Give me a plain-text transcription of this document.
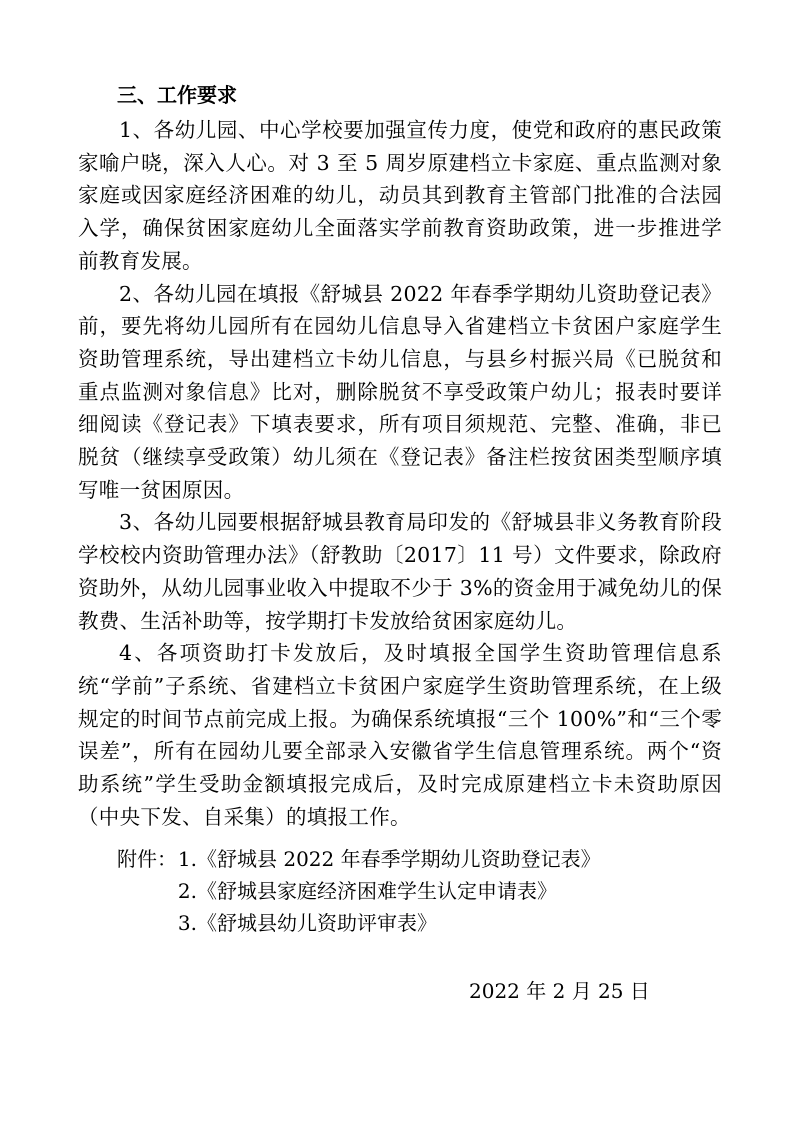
三、工作要求

1、各幼儿园、中心学校要加强宣传力度，使党和政府的惠民政策家喻户晓，深入人心。对 3 至 5 周岁原建档立卡家庭、重点监测对象家庭或因家庭经济困难的幼儿，动员其到教育主管部门批准的合法园入学，确保贫困家庭幼儿全面落实学前教育资助政策，进一步推进学前教育发展。

2、各幼儿园在填报《舒城县 2022 年春季学期幼儿资助登记表》前，要先将幼儿园所有在园幼儿信息导入省建档立卡贫困户家庭学生资助管理系统，导出建档立卡幼儿信息，与县乡村振兴局《已脱贫和重点监测对象信息》比对，删除脱贫不享受政策户幼儿；报表时要详细阅读《登记表》下填表要求，所有项目须规范、完整、准确，非已脱贫（继续享受政策）幼儿须在《登记表》备注栏按贫困类型顺序填写唯一贫困原因。

3、各幼儿园要根据舒城县教育局印发的《舒城县非义务教育阶段学校校内资助管理办法》（舒教助〔2017〕11 号）文件要求，除政府资助外，从幼儿园事业收入中提取不少于 3%的资金用于减免幼儿的保教费、生活补助等，按学期打卡发放给贫困家庭幼儿。

4、各项资助打卡发放后，及时填报全国学生资助管理信息系统“学前”子系统、省建档立卡贫困户家庭学生资助管理系统，在上级规定的时间节点前完成上报。为确保系统填报“三个 100%”和“三个零误差”，所有在园幼儿要全部录入安徽省学生信息管理系统。两个“资助系统”学生受助金额填报完成后，及时完成原建档立卡未资助原因（中央下发、自采集）的填报工作。

附件： 1. 《舒城县 2022 年春季学期幼儿资助登记表》
2. 《舒城县家庭经济困难学生认定申请表》
3. 《舒城县幼儿资助评审表》

2022 年 2 月 25 日
